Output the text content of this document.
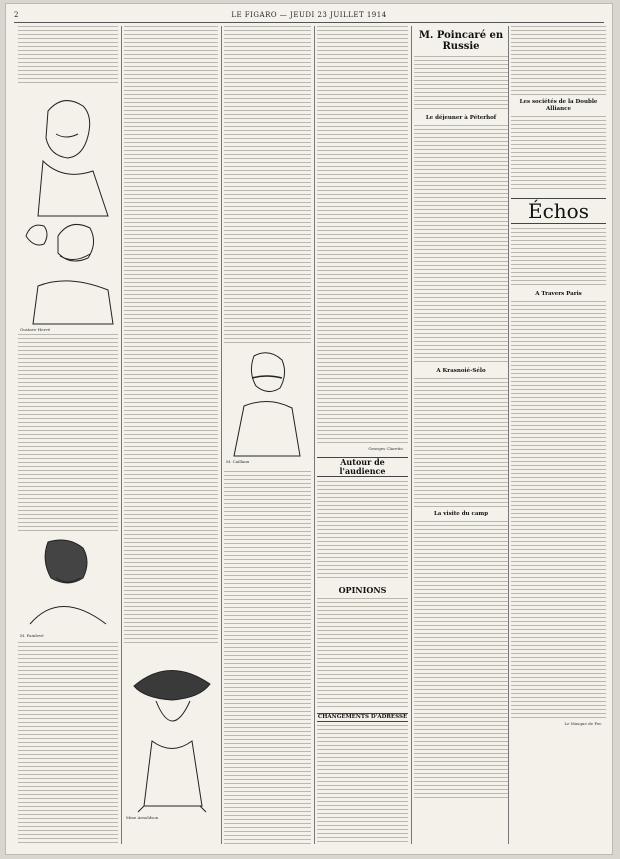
2	LE FIGARO — JEUDI 23 JUILLET 1914
Gustave Hervé
M. Painlevé
Mme Arnoldson
M. Caillaux
Georges Claretie.
Autour de l'audience
OPINIONS
CHANGEMENTS D'ADRESSE
M. Poincaré en Russie
Le déjeuner à Péterhof
A Krasnoié-Sélo
La visite du camp
Les sociétés de la Double Alliance
Échos
A Travers Paris
Le Masque de Fer.
